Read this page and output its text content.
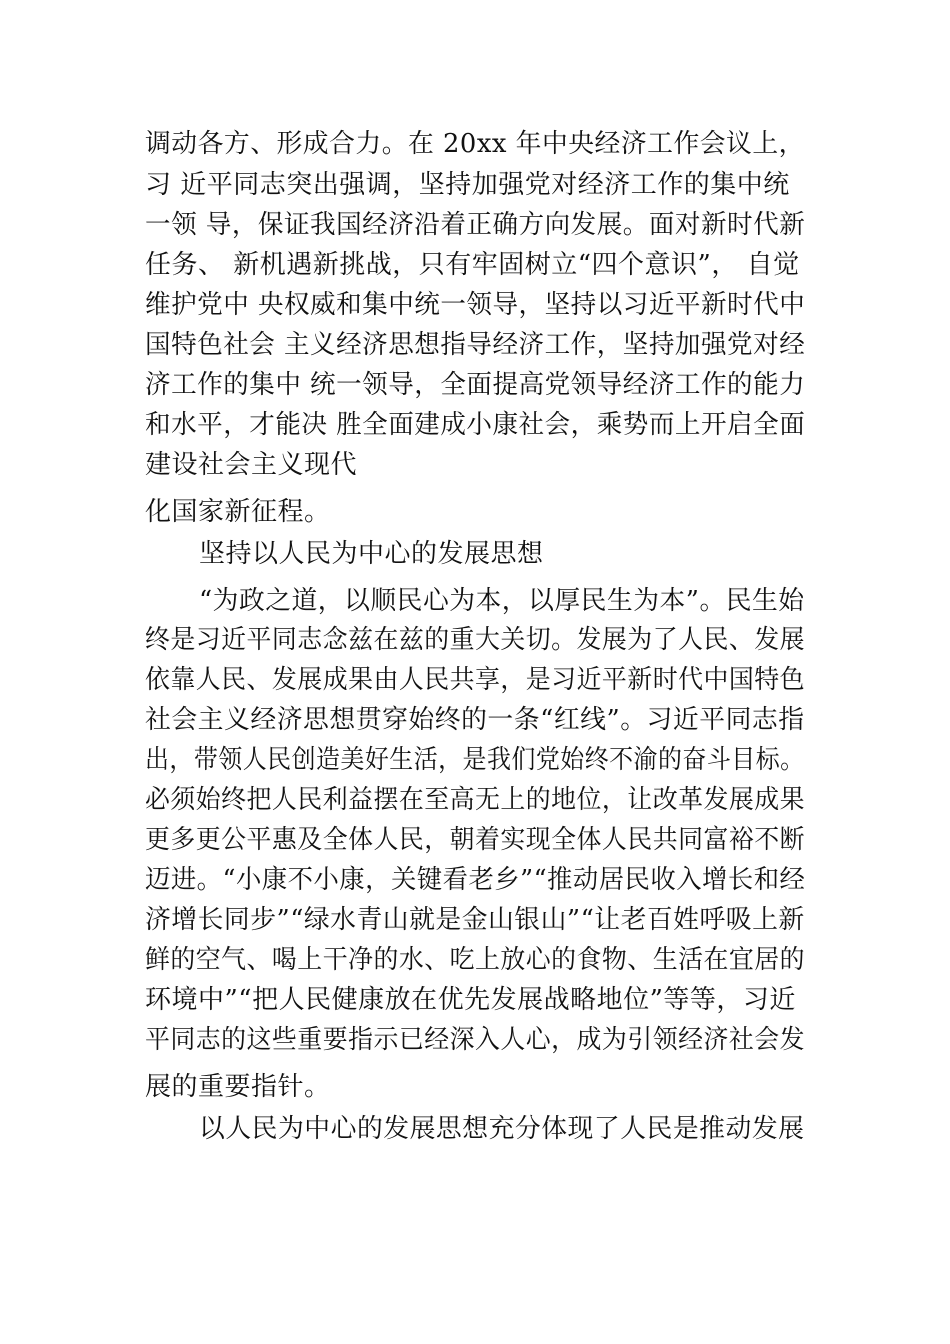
调动各方、形成合力。在 20xx 年中央经济工作会议上，
习 近平同志突出强调，坚持加强党对经济工作的集中统
一领 导，保证我国经济沿着正确方向发展。面对新时代新
任务、 新机遇新挑战，只有牢固树立“四个意识”， 自觉
维护党中 央权威和集中统一领导，坚持以习近平新时代中
国特色社会 主义经济思想指导经济工作，坚持加强党对经
济工作的集中 统一领导，全面提高党领导经济工作的能力
和水平，才能决 胜全面建成小康社会，乘势而上开启全面
建设社会主义现代
化国家新征程。
坚持以人民为中心的发展思想
“为政之道，以顺民心为本，以厚民生为本”。民生始
终是习近平同志念兹在兹的重大关切。发展为了人民、发展
依靠人民、发展成果由人民共享，是习近平新时代中国特色
社会主义经济思想贯穿始终的一条“红线”。习近平同志指
出，带领人民创造美好生活，是我们党始终不渝的奋斗目标。
必须始终把人民利益摆在至高无上的地位，让改革发展成果
更多更公平惠及全体人民，朝着实现全体人民共同富裕不断
迈进。“小康不小康，关键看老乡”“推动居民收入增长和经
济增长同步”“绿水青山就是金山银山”“让老百姓呼吸上新
鲜的空气、喝上干净的水、吃上放心的食物、生活在宜居的
环境中”“把人民健康放在优先发展战略地位”等等，习近
平同志的这些重要指示已经深入人心，成为引领经济社会发
展的重要指针。
以人民为中心的发展思想充分体现了人民是推动发展
